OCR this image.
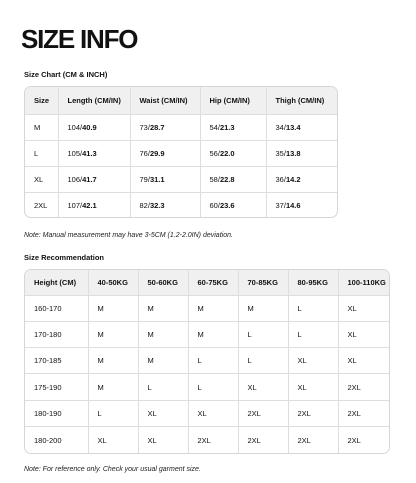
SIZE INFO

Size Chart (CM & INCH)

Size	Length (CM/IN)	Waist (CM/IN)	Hip (CM/IN)	Thigh (CM/IN)
M	104/40.9	73/28.7	54/21.3	34/13.4
L	105/41.3	76/29.9	56/22.0	35/13.8
XL	106/41.7	79/31.1	58/22.8	36/14.2
2XL	107/42.1	82/32.3	60/23.6	37/14.6

Note: Manual measurement may have 3-5CM (1.2-2.0IN) deviation.

Size Recommendation

Height (CM)	40-50KG	50-60KG	60-75KG	70-85KG	80-95KG	100-110KG
160-170	M	M	M	M	L	XL
170-180	M	M	M	L	L	XL
170-185	M	M	L	L	XL	XL
175-190	M	L	L	XL	XL	2XL
180-190	L	XL	XL	2XL	2XL	2XL
180-200	XL	XL	2XL	2XL	2XL	2XL

Note: For reference only. Check your usual garment size.
